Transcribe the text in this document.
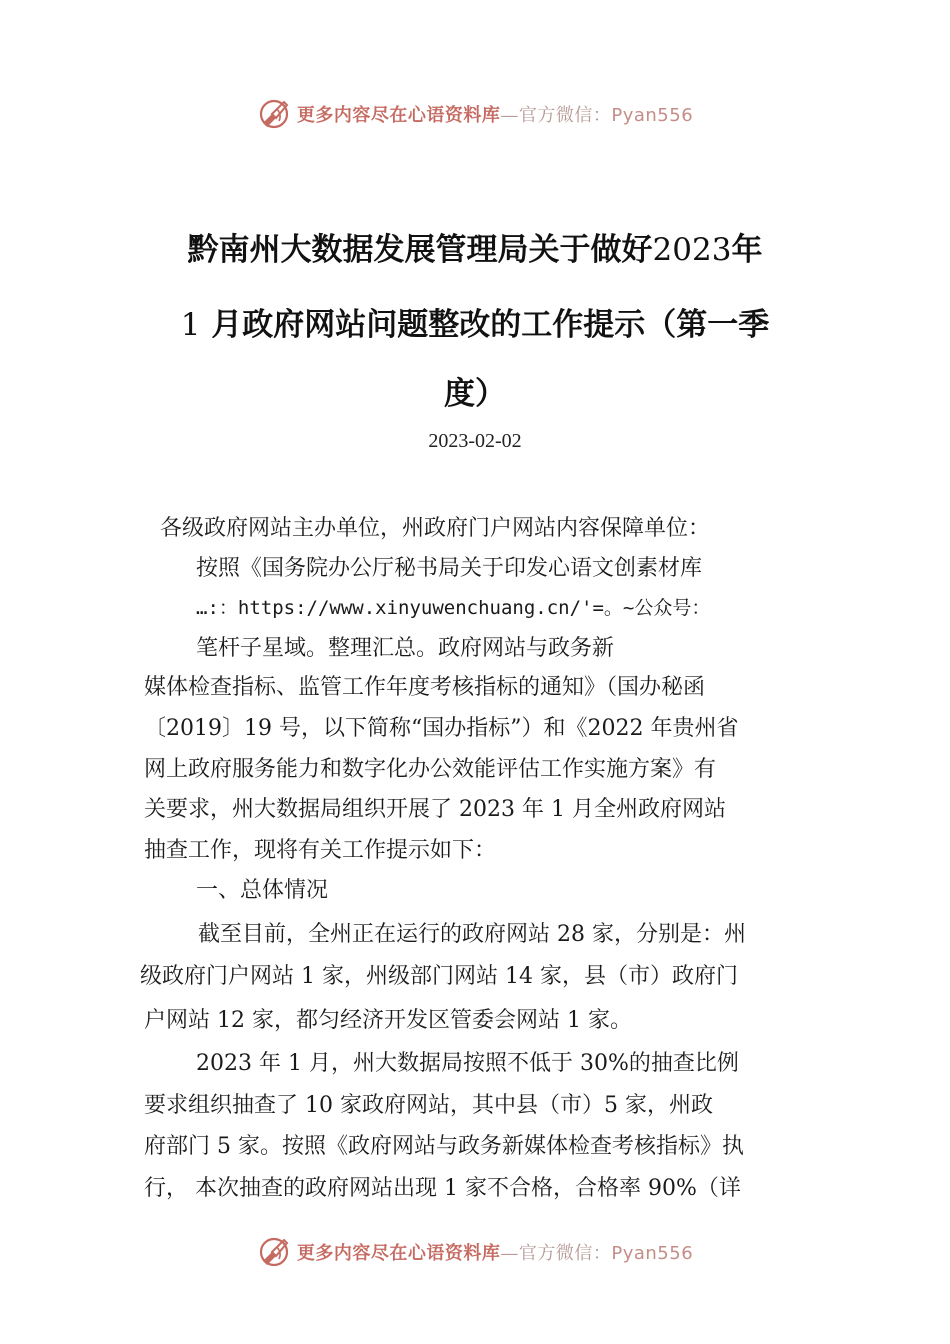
更多内容尽在心语资料库—官方微信：Pyan556
黔南州大数据发展管理局关于做好2023年
1 月政府网站问题整改的工作提示（第一季
度）
2023-02-02
各级政府网站主办单位，州政府门户网站内容保障单位：
按照《国务院办公厅秘书局关于印发心语文创素材库
…:：https://www.xinyuwenchuang.cn/'=。~公众号：
笔杆子星域。整理汇总。政府网站与政务新
媒体检查指标、监管工作年度考核指标的通知》（国办秘函
〔2019〕19 号，以下简称“国办指标”）和《2022 年贵州省
网上政府服务能力和数字化办公效能评估工作实施方案》有
关要求，州大数据局组织开展了 2023 年 1 月全州政府网站
抽查工作，现将有关工作提示如下：
一、总体情况
截至目前，全州正在运行的政府网站 28 家，分别是：州
级政府门户网站 1 家，州级部门网站 14 家，县（市）政府门
户网站 12 家，都匀经济开发区管委会网站 1 家。
2023 年 1 月，州大数据局按照不低于 30%的抽查比例
要求组织抽查了 10 家政府网站，其中县（市）5 家，州政
府部门 5 家。按照《政府网站与政务新媒体检查考核指标》执
行， 本次抽查的政府网站出现 1 家不合格，合格率 90%（详
更多内容尽在心语资料库—官方微信：Pyan556
